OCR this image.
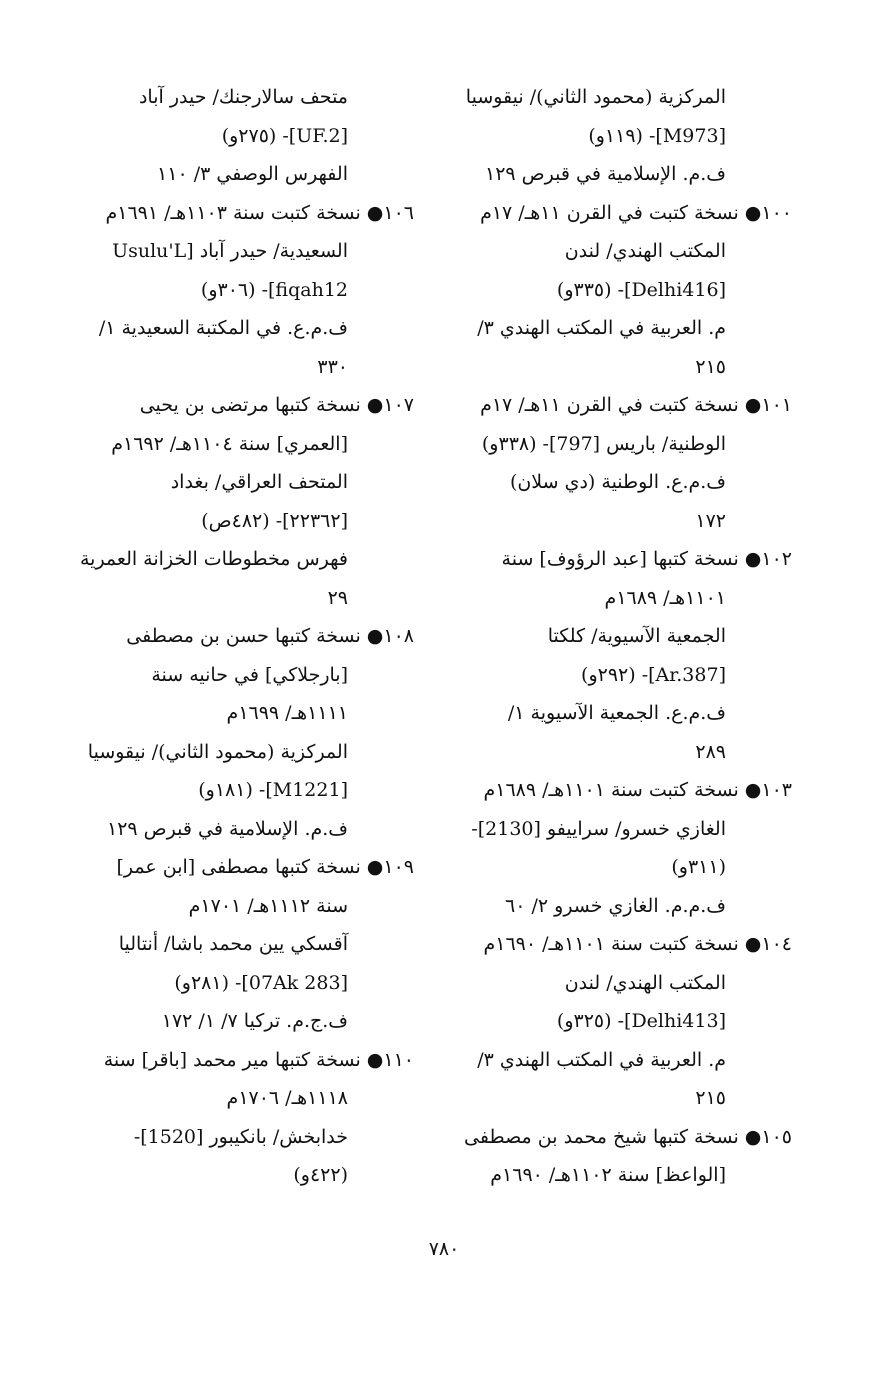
المركزية (محمود الثاني)/ نيقوسيا
[M973]- (١١٩و)
ف.م. الإسلامية في قبرص ١٢٩
١٠٠● نسخة كتبت في القرن ١١هـ/ ١٧م
المكتب الهندي/ لندن
[Delhi416]- (٣٣٥و)
م. العربية في المكتب الهندي ٣/
٢١٥
١٠١● نسخة كتبت في القرن ١١هـ/ ١٧م
الوطنية/ باريس [797]- (٣٣٨و)
ف.م.ع. الوطنية (دي سلان)
١٧٢
١٠٢● نسخة كتبها [عبد الرؤوف] سنة
١١٠١هـ/ ١٦٨٩م
الجمعية الآسيوية/ كلكتا
[Ar.387]- (٢٩٢و)
ف.م.ع. الجمعية الآسيوية ١/
٢٨٩
١٠٣● نسخة كتبت سنة ١١٠١هـ/ ١٦٨٩م
الغازي خسرو/ سراييفو [2130]-
(٣١١و)
ف.م.م. الغازي خسرو ٢/ ٦٠
١٠٤● نسخة كتبت سنة ١١٠١هـ/ ١٦٩٠م
المكتب الهندي/ لندن
[Delhi413]- (٣٢٥و)
م. العربية في المكتب الهندي ٣/
٢١٥
١٠٥● نسخة كتبها شيخ محمد بن مصطفى
[الواعظ] سنة ١١٠٢هـ/ ١٦٩٠م
متحف سالارجنك/ حيدر آباد
[UF.2]- (٢٧٥و)
الفهرس الوصفي ٣/ ١١٠
١٠٦● نسخة كتبت سنة ١١٠٣هـ/ ١٦٩١م
السعيدية/ حيدر آباد [Usulu'L
fiqah12]- (٣٠٦و)
ف.م.ع. في المكتبة السعيدية ١/
٣٣٠
١٠٧● نسخة كتبها مرتضى بن يحيى
[العمري] سنة ١١٠٤هـ/ ١٦٩٢م
المتحف العراقي/ بغداد
[٢٢٣٦٢]- (٤٨٢ص)
فهرس مخطوطات الخزانة العمرية
٢٩
١٠٨● نسخة كتبها حسن بن مصطفى
[بارجلاكي] في حانيه سنة
١١١١هـ/ ١٦٩٩م
المركزية (محمود الثاني)/ نيقوسيا
[M1221]- (١٨١و)
ف.م. الإسلامية في قبرص ١٢٩
١٠٩● نسخة كتبها مصطفى [ابن عمر]
سنة ١١١٢هـ/ ١٧٠١م
آقسكي يين محمد باشا/ أنتاليا
[07Ak 283]- (٢٨١و)
ف.ج.م. تركيا ٧/ ١/ ١٧٢
١١٠● نسخة كتبها مير محمد [باقر] سنة
١١١٨هـ/ ١٧٠٦م
خدابخش/ بانكيبور [1520]-
(٤٢٢و)
٧٨٠
